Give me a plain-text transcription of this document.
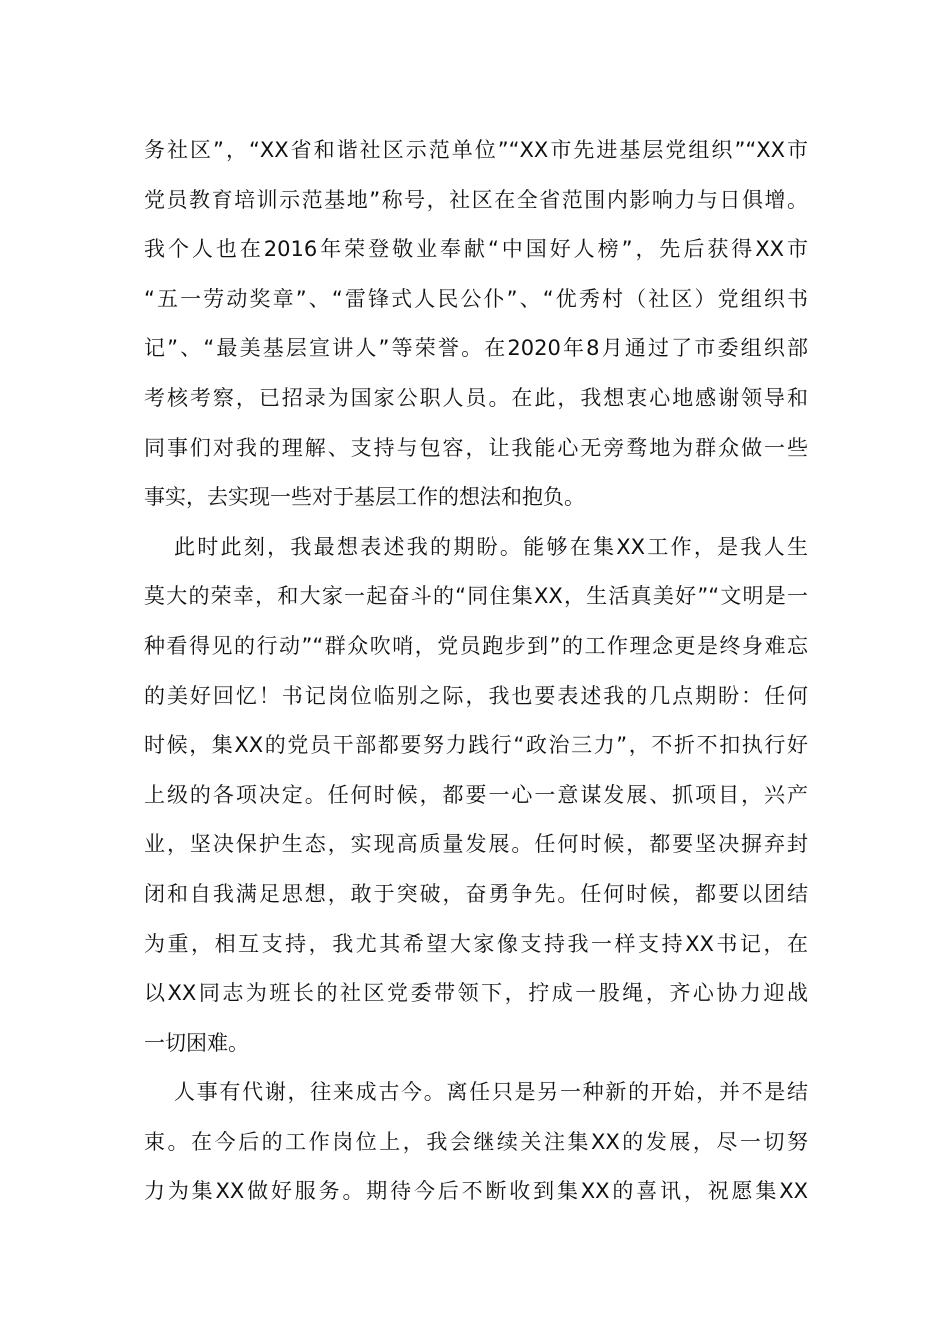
务社区”，“XX省和谐社区示范单位”“XX市先进基层党组织”“XX市
党员教育培训示范基地”称号，社区在全省范围内影响力与日俱增。
我个人也在2016年荣登敬业奉献“中国好人榜”，先后获得XX市
“五一劳动奖章”、“雷锋式人民公仆”、“优秀村（社区）党组织书
记”、“最美基层宣讲人”等荣誉。在2020年8月通过了市委组织部
考核考察，已招录为国家公职人员。在此，我想衷心地感谢领导和
同事们对我的理解、支持与包容，让我能心无旁骛地为群众做一些
事实，去实现一些对于基层工作的想法和抱负。
此时此刻，我最想表述我的期盼。能够在集XX工作，是我人生
莫大的荣幸，和大家一起奋斗的“同住集XX，生活真美好”“文明是一
种看得见的行动”“群众吹哨，党员跑步到”的工作理念更是终身难忘
的美好回忆！书记岗位临别之际，我也要表述我的几点期盼：任何
时候，集XX的党员干部都要努力践行“政治三力”，不折不扣执行好
上级的各项决定。任何时候，都要一心一意谋发展、抓项目，兴产
业，坚决保护生态，实现高质量发展。任何时候，都要坚决摒弃封
闭和自我满足思想，敢于突破，奋勇争先。任何时候，都要以团结
为重，相互支持，我尤其希望大家像支持我一样支持XX书记，在
以XX同志为班长的社区党委带领下，拧成一股绳，齐心协力迎战
一切困难。
人事有代谢，往来成古今。离任只是另一种新的开始，并不是结
束。在今后的工作岗位上，我会继续关注集XX的发展，尽一切努
力为集XX做好服务。期待今后不断收到集XX的喜讯，祝愿集XX
